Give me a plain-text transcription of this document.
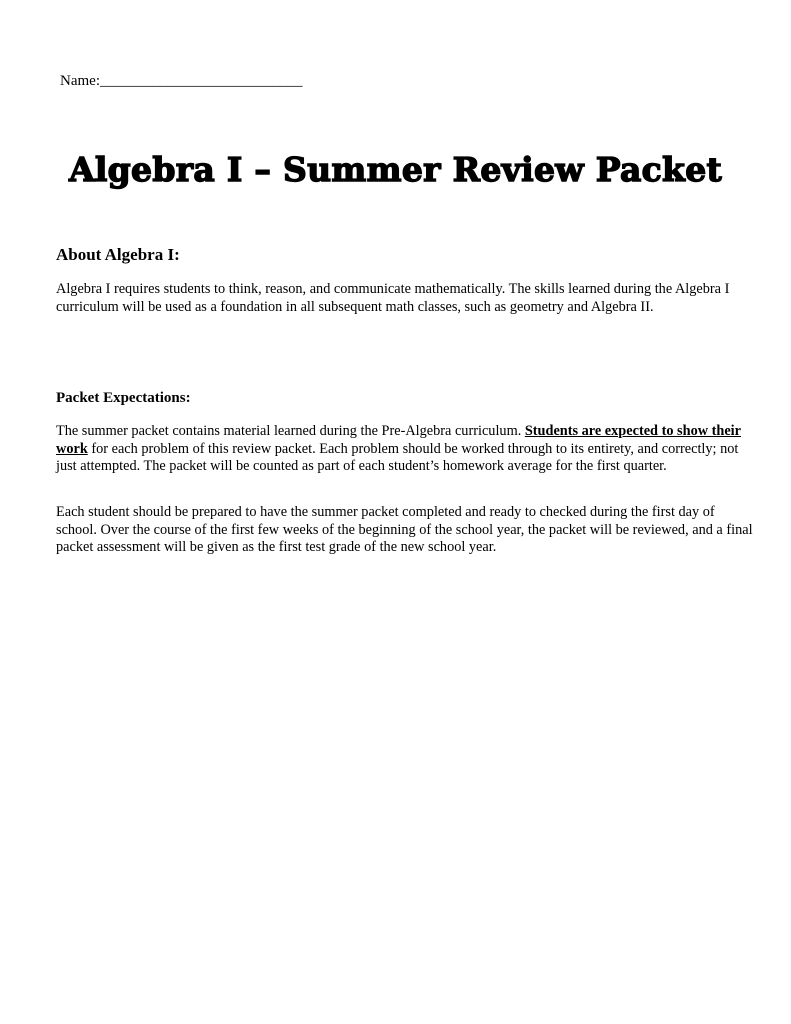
Name:___________________________
Algebra I – Summer Review Packet
About Algebra I:

Algebra I requires students to think, reason, and communicate mathematically. The skills learned during the Algebra I curriculum will be used as a foundation in all subsequent math classes, such as geometry and Algebra II.

Packet Expectations:

The summer packet contains material learned during the Pre-Algebra curriculum. Students are expected to show their work for each problem of this review packet. Each problem should be worked through to its entirety, and correctly; not just attempted. The packet will be counted as part of each student’s homework average for the first quarter.

Each student should be prepared to have the summer packet completed and ready to checked during the first day of school. Over the course of the first few weeks of the beginning of the school year, the packet will be reviewed, and a final packet assessment will be given as the first test grade of the new school year.
